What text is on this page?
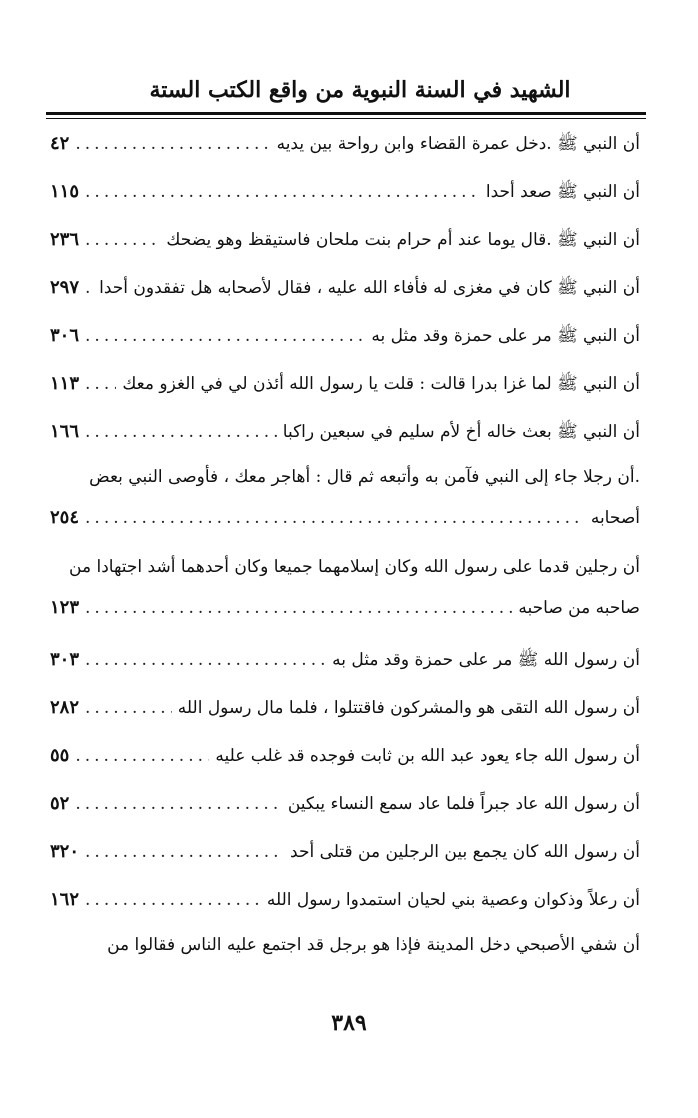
الشهيد في السنة النبوية من واقع الكتب الستة
أن النبي ﷺ .دخل عمرة القضاء وابن رواحة بين يديه
.....
٤٢
أن النبي ﷺ صعد أحدا
.....
١١٥
أن النبي ﷺ .قال يوما عند أم حرام بنت ملحان فاستيقظ وهو يضحك
.....
٢٣٦
أن النبي ﷺ كان في مغزى له فأفاء الله عليه ، فقال لأصحابه هل تفقدون أحدا
.....
٢٩٧
أن النبي ﷺ مر على حمزة وقد مثل به
.....
٣٠٦
أن النبي ﷺ لما غزا بدرا قالت : قلت يا رسول الله أئذن لي في الغزو معك
.....
١١٣
أن النبي ﷺ بعث خاله أخ لأم سليم في سبعين راكبا
.....
١٦٦
.أن رجلا جاء إلى النبي فآمن به وأتبعه ثم قال : أهاجر معك ، فأوصى النبي بعض
أصحابه
.....
٢٥٤
أن رجلين قدما على رسول الله وكان إسلامهما جميعا وكان أحدهما أشد اجتهادا من
صاحبه من صاحبه
.....
١٢٣
أن رسول الله ﷺ مر على حمزة وقد مثل به
.....
٣٠٣
أن رسول الله التقى هو والمشركون فاقتتلوا ، فلما مال رسول الله
.....
٢٨٢
أن رسول الله جاء يعود عبد الله بن ثابت فوجده قد غلب عليه
.....
٥٥
أن رسول الله عاد جبراً فلما عاد سمع النساء يبكين
.....
٥٢
أن رسول الله كان يجمع بين الرجلين من قتلى أحد
.....
٣٢٠
أن رعلاً وذكوان وعصية بني لحيان استمدوا رسول الله
.....
١٦٢
أن شفي الأصبحي دخل المدينة فإذا هو برجل قد اجتمع عليه الناس فقالوا من
٣٨٩
